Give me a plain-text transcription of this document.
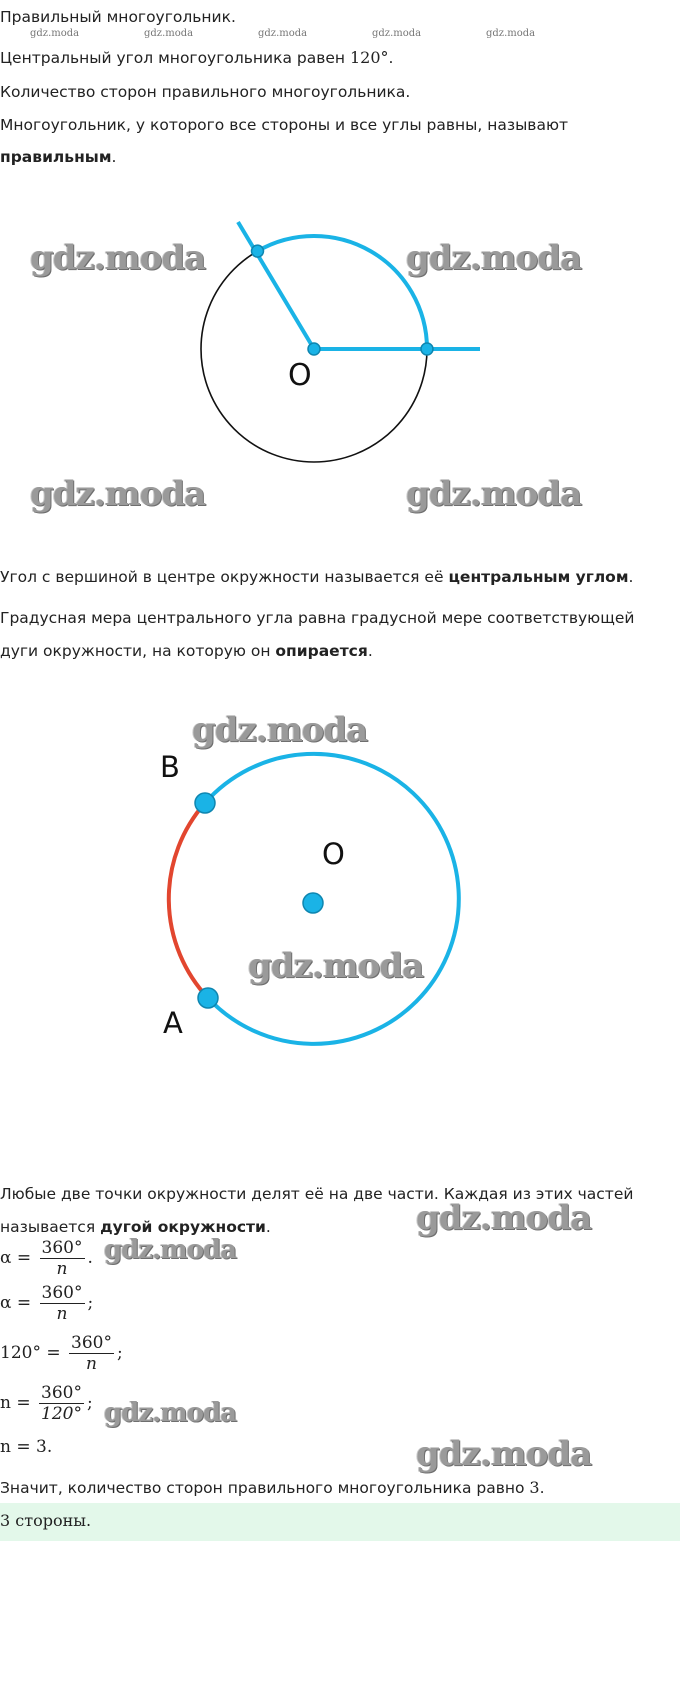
Правильный многоугольник.
gdz.moda	gdz.moda	gdz.moda	gdz.moda	gdz.moda
Центральный угол многоугольника равен 120°.
Количество сторон правильного многоугольника.
Многоугольник, у которого все стороны и все углы равны, называют
правильным.
O
gdz.moda	gdz.moda
gdz.moda	gdz.moda
Угол с вершиной в центре окружности называется её центральным углом.
Градусная мера центрального угла равна градусной мере соответствующей
дуги окружности, на которую он опирается.
B
A
O
gdz.moda
gdz.moda
Любые две точки окружности делят её на две части. Каждая из этих частей
называется дугой окружности.	gdz.moda
gdz.moda
gdz.moda
gdz.moda
$\alpha = \frac{360^\circ}{n}$ .
$\alpha = \frac{360^\circ}{n}$ ;
$120^\circ = \frac{360^\circ}{n}$ ;
$n = \frac{360^\circ}{120^\circ}$ ;
n = 3.
Значит, количество сторон правильного многоугольника равно 3.
3 стороны.
